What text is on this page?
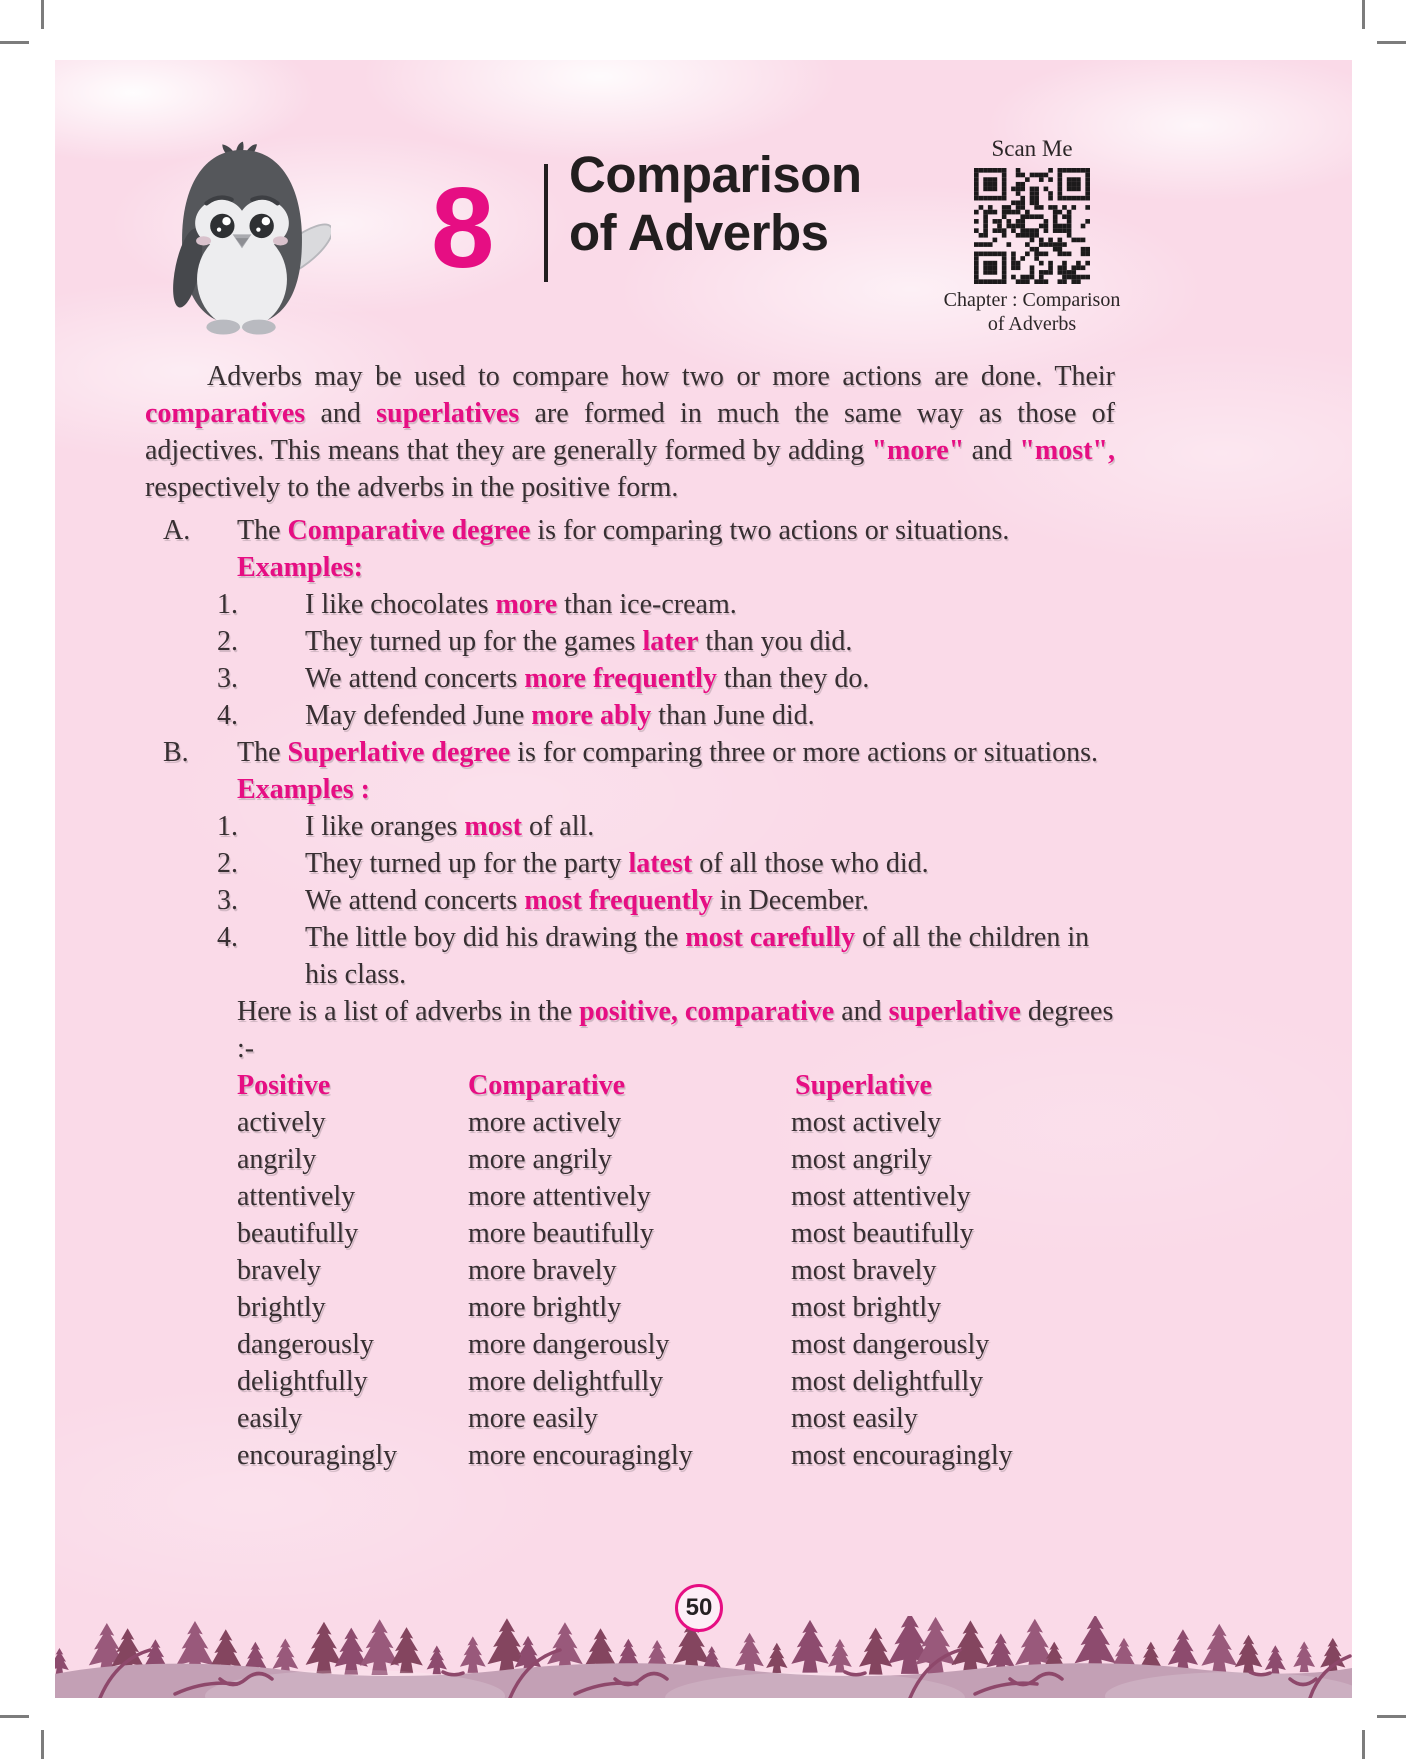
8 Comparison
of Adverbs
Scan Me
Chapter : Comparison
of Adverbs

Adverbs may be used to compare how two or more actions are done. Their comparatives and superlatives are formed in much the same way as those of adjectives. This means that they are generally formed by adding "more" and "most", respectively to the adverbs in the positive form.

A. The Comparative degree is for comparing two actions or situations.
Examples:
1. I like chocolates more than ice-cream.
2. They turned up for the games later than you did.
3. We attend concerts more frequently than they do.
4. May defended June more ably than June did.
B. The Superlative degree is for comparing three or more actions or situations.
Examples :
1. I like oranges most of all.
2. They turned up for the party latest of all those who did.
3. We attend concerts most frequently in December.
4. The little boy did his drawing the most carefully of all the children in his class.
Here is a list of adverbs in the positive, comparative and superlative degrees :-
Positive	Comparative	Superlative
actively	more actively	most actively
angrily	more angrily	most angrily
attentively	more attentively	most attentively
beautifully	more beautifully	most beautifully
bravely	more bravely	most bravely
brightly	more brightly	most brightly
dangerously	more dangerously	most dangerously
delightfully	more delightfully	most delightfully
easily	more easily	most easily
encouragingly	more encouragingly	most encouragingly
50
